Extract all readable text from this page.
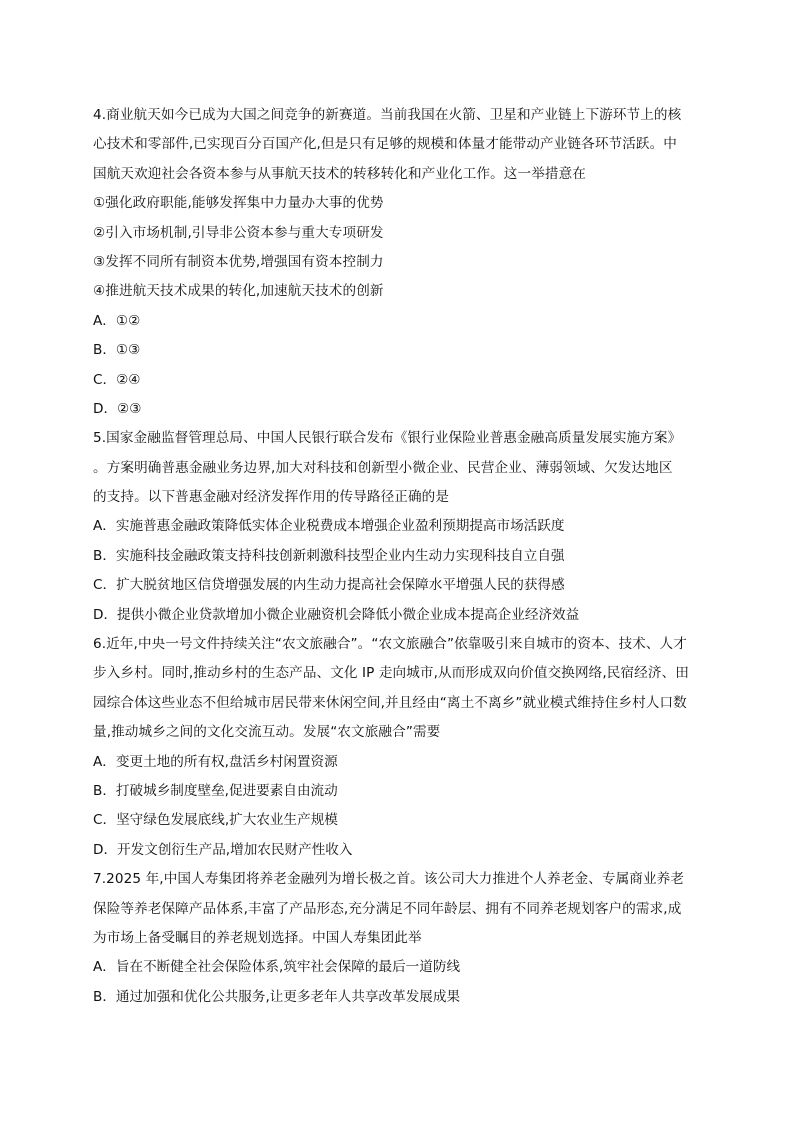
4.商业航天如今已成为大国之间竞争的新赛道。当前我国在火箭、卫星和产业链上下游环节上的核
心技术和零部件,已实现百分百国产化,但是只有足够的规模和体量才能带动产业链各环节活跃。中
国航天欢迎社会各资本参与从事航天技术的转移转化和产业化工作。这一举措意在
①强化政府职能,能够发挥集中力量办大事的优势
②引入市场机制,引导非公资本参与重大专项研发
③发挥不同所有制资本优势,增强国有资本控制力
④推进航天技术成果的转化,加速航天技术的创新
A．①②
B．①③
C．②④
D．②③
5.国家金融监督管理总局、中国人民银行联合发布《银行业保险业普惠金融高质量发展实施方案》
。方案明确普惠金融业务边界,加大对科技和创新型小微企业、民营企业、薄弱领域、欠发达地区
的支持。以下普惠金融对经济发挥作用的传导路径正确的是
A．实施普惠金融政策降低实体企业税费成本增强企业盈利预期提高市场活跃度
B．实施科技金融政策支持科技创新刺激科技型企业内生动力实现科技自立自强
C．扩大脱贫地区信贷增强发展的内生动力提高社会保障水平增强人民的获得感
D．提供小微企业贷款增加小微企业融资机会降低小微企业成本提高企业经济效益
6.近年,中央一号文件持续关注“农文旅融合”。“农文旅融合”依靠吸引来自城市的资本、技术、人才
步入乡村。同时,推动乡村的生态产品、文化 IP 走向城市,从而形成双向价值交换网络,民宿经济、田
园综合体这些业态不但给城市居民带来休闲空间,并且经由“离土不离乡”就业模式维持住乡村人口数
量,推动城乡之间的文化交流互动。发展“农文旅融合”需要
A．变更土地的所有权,盘活乡村闲置资源
B．打破城乡制度壁垒,促进要素自由流动
C．坚守绿色发展底线,扩大农业生产规模
D．开发文创衍生产品,增加农民财产性收入
7.2025 年,中国人寿集团将养老金融列为增长极之首。该公司大力推进个人养老金、专属商业养老
保险等养老保障产品体系,丰富了产品形态,充分满足不同年龄层、拥有不同养老规划客户的需求,成
为市场上备受瞩目的养老规划选择。中国人寿集团此举
A．旨在不断健全社会保险体系,筑牢社会保障的最后一道防线
B．通过加强和优化公共服务,让更多老年人共享改革发展成果
